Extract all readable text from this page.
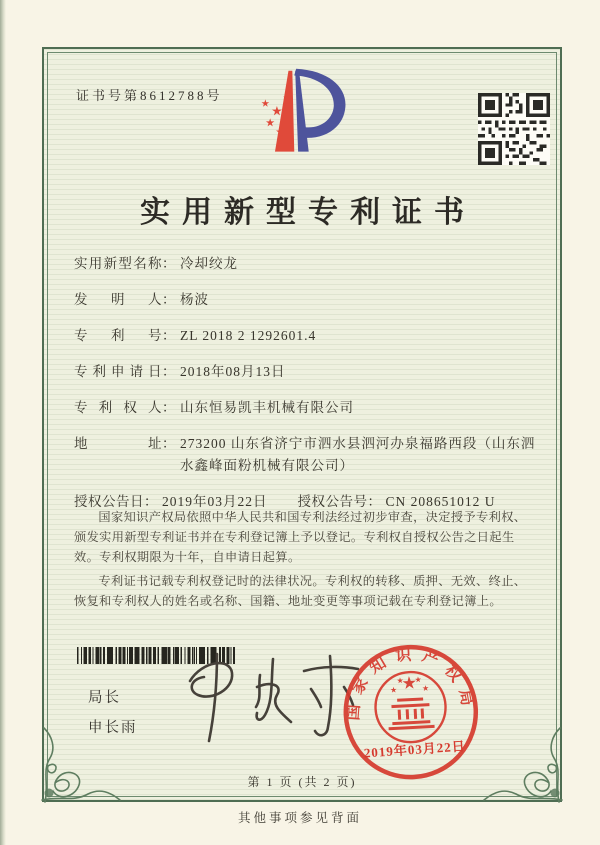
证书号第8612788号
实用新型专利证书
实用新型名称 ： 冷却绞龙
发明人 ： 杨波
专利号 ： ZL 2018 2 1292601.4
专利申请日 ： 2018年08月13日
专利权人 ： 山东恒易凯丰机械有限公司
地址 ： 273200 山东省济宁市泗水县泗河办泉福路西段（山东泗水鑫峰面粉机械有限公司）
授权公告日 ： 2019年03月22日 授权公告号 ： CN 208651012 U

国家知识产权局依照中华人民共和国专利法经过初步审查，决定授予专利权、颁发实用新型专利证书并在专利登记簿上予以登记。专利权自授权公告之日起生效。专利权期限为十年，自申请日起算。

专利证书记载专利权登记时的法律状况。专利权的转移、质押、无效、终止、恢复和专利权人的姓名或名称、国籍、地址变更等事项记载在专利登记簿上。

局长
申长雨
国家知识产权局
2019年03月22日
第 1 页 (共 2 页)
其他事项参见背面
